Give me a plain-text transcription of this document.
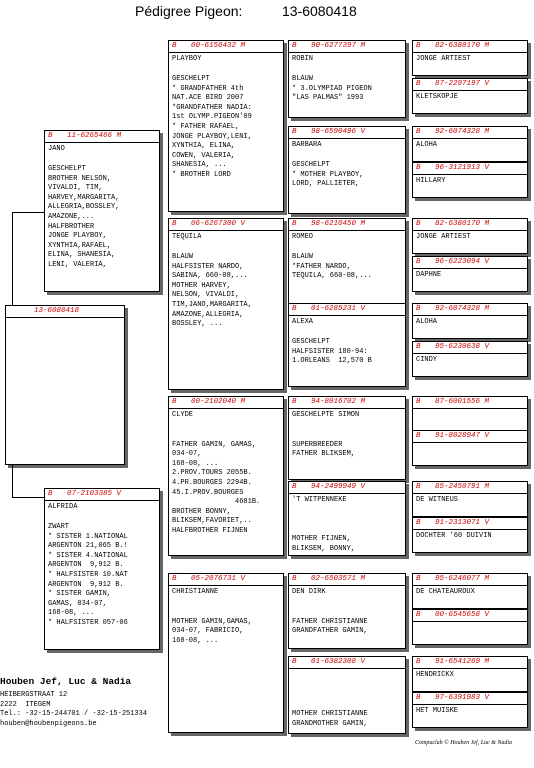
Pédigree Pigeon:	13-6080418
13-6080418
B 11-6265466 M
JANO
GESCHELPT
BROTHER NELSON,
VIVALDI, TIM,
HARVEY,MARGARITA,
ALLEGRIA,BOSSLEY,
AMAZONE,...
HALFBROTHER
JONGE PLAYBOY,
XYNTHIA,RAFAEL,
ELINA, SHANESIA,
LENI, VALERIA,
B 07-2103385 V
ALFRIDA
ZWART
* SISTER 1.NATIONAL
ARGENTON 21,065 B.!
* SISTER 4.NATIONAL
ARGENTON  9,912 B.
* HALFSISTER 10.NAT
ARGENTON  9,912 B.
* SISTER GAMIN,
GAMAS, 034-07,
168-08, ...
* HALFSISTER 057-06
B 00-6156432 M
PLAYBOY
GESCHELPT
* GRANDFATHER 4th
NAT.ACE BIRD 2007
*GRANDFATHER NADIA:
1st OLYMP.PIGEON'09
* FATHER RAFAEL,
JONGE PLAYBOY,LENI,
XYNTHIA, ELINA,
COWEN, VALERIA,
SHANESIA, ...
* BROTHER LORD
B 06-6267300 V
TEQUILA
BLAUW
HALFSISTER NARDO,
SABINA, 660-08,...
MOTHER HARVEY,
NELSON, VIVALDI,
TIM,JANO,MARGARITA,
AMAZONE,ALLEGRIA,
BOSSLEY, ...
B 00-2102040 M
CLYDE
FATHER GAMIN, GAMAS,
034-07,
168-08, ...
2.PROV.TOURS 2055B.
4.PR.BOURGES 2294B.
45.I.PROV.BOURGES
4681B.
BROTHER BONNY,
BLIKSEM,FAVORIET,..
HALFBROTHER FIJNEN
B 05-2076731 V
CHRISTIANNE
MOTHER GAMIN,GAMAS,
034-07, FABRICIO,
168-08, ...
B 90-6277397 M
ROBIN
BLAUW
* 3.OLYMPIAD PIGEON
"LAS PALMAS" 1993
B 98-6590496 V
BARBARA
GESCHELPT
* MOTHER PLAYBOY,
LORD, PALLIETER,
B 98-6210450 M
ROMEO
BLAUW
*FATHER NARDO,
TEQUILA, 660-08,...
B 01-6285231 V
ALEXA
GESCHELPT
HALFSISTER 180-94:
1.ORLEANS  12,570 B
B 94-8016702 M
GESCHELPTE SIMON
SUPERBREEDER
FATHER BLIKSEM,
B 94-2499949 V
'T WITPENNEKE
MOTHER FIJNEN,
BLIKSEM, BONNY,
B 02-6503571 M
DEN DIRK
FATHER CHRISTIANNE
GRANDFATHER GAMIN,
B 01-6382308 V
MOTHER CHRISTIANNE
GRANDMOTHER GAMIN,
B 82-6380170 M
JONGE ARTIEST
B 87-2297197 V
KLETSKOPJE
B 92-6074328 M
ALOHA
B 96-3121913 V
HILLARY
B 82-6380170 M
JONGE ARTIEST
B 96-6223094 V
DAPHNE
B 92-6074328 M
ALOHA
B 95-6230638 V
CINDY
B 87-6001556 M
B 91-8028947 V
B 85-2450791 M
DE WITNEUS
B 91-2313071 V
DOCHTER '60 DUIVIN
B 95-6246077 M
DE CHATEAUROUX
B 00-6545658 V
B 91-6541269 M
HENDRICKX
B 97-6391983 V
HET MUISKE
Houben Jef, Luc & Nadia
HEIBERGSTRAAT 12
2222  ITEGEM
Tel.: -32-15-244701 / -32-15-251334
houben@houbenpigeons.be
Compuclub © Houben Jef, Luc & Nadia
